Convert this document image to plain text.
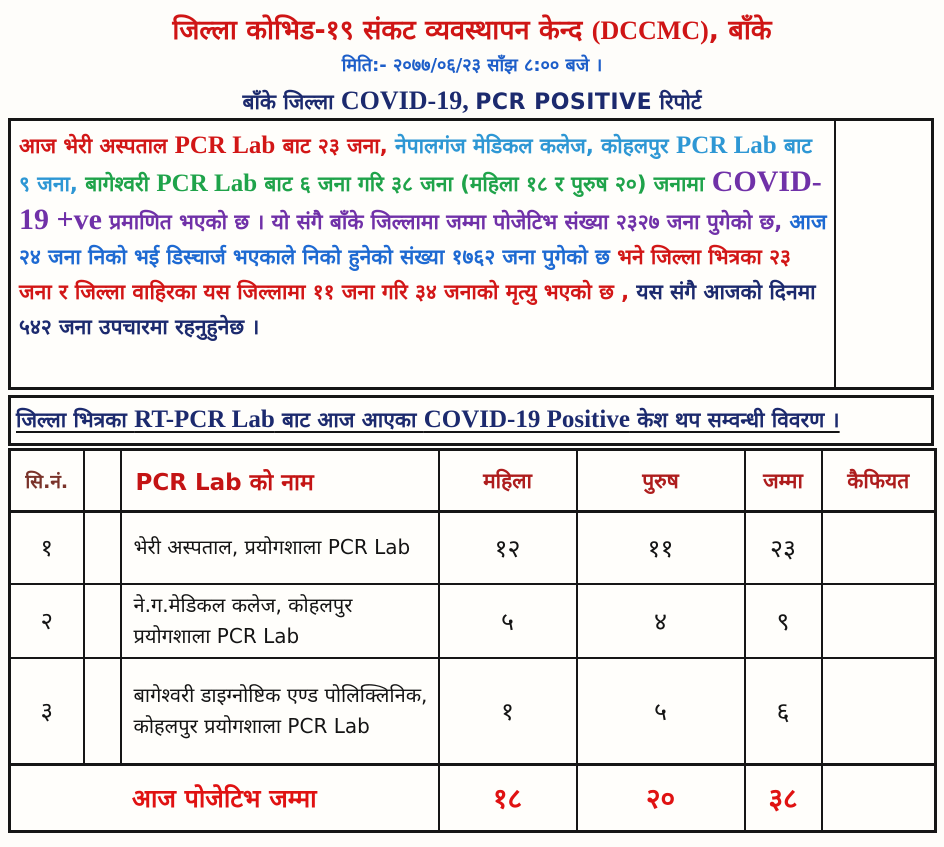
जिल्ला कोभिड-१९ संकट व्यवस्थापन केन्द (DCCMC), बाँके
मिति:- २०७७/०६/२३ साँझ ८:०० बजे ।
बाँके जिल्ला COVID-19, PCR POSITIVE रिपोर्ट
आज भेरी अस्पताल PCR Lab बाट २३ जना, नेपालगंज मेडिकल कलेज, कोहलपुर PCR Lab बाट ९ जना, बागेश्वरी PCR Lab बाट ६ जना गरि ३८ जना (महिला १८ र पुरुष २०) जनामा COVID-19 +ve प्रमाणित भएको छ । यो संगै बाँके जिल्लामा जम्मा पोजेटिभ संख्या २३२७ जना पुगेको छ, आज २४ जना निको भई डिस्चार्ज भएकाले निको हुनेको संख्या १७६२ जना पुगेको छ भने जिल्ला भित्रका २३ जना र जिल्ला वाहिरका यस जिल्लामा ११ जना गरि ३४ जनाको मृत्यु भएको छ , यस संगै आजको दिनमा ५४२ जना उपचारमा रहनुहुनेछ ।
जिल्ला भित्रका RT-PCR Lab बाट आज आएका COVID-19 Positive केश थप सम्वन्धी विवरण ।
सि.नं.		PCR Lab को नाम	महिला	पुरुष	जम्मा	कैफियत
१		भेरी अस्पताल, प्रयोगशाला PCR Lab	१२	११	२३	
२		ने.ग.मेडिकल कलेज, कोहलपुर प्रयोगशाला PCR Lab	५	४	९	
३		बागेश्वरी डाइग्नोष्टिक एण्ड पोलिक्लिनिक, कोहलपुर प्रयोगशाला PCR Lab	१	५	६	
आज पोजेटिभ जम्मा			१८	२०	३८	
